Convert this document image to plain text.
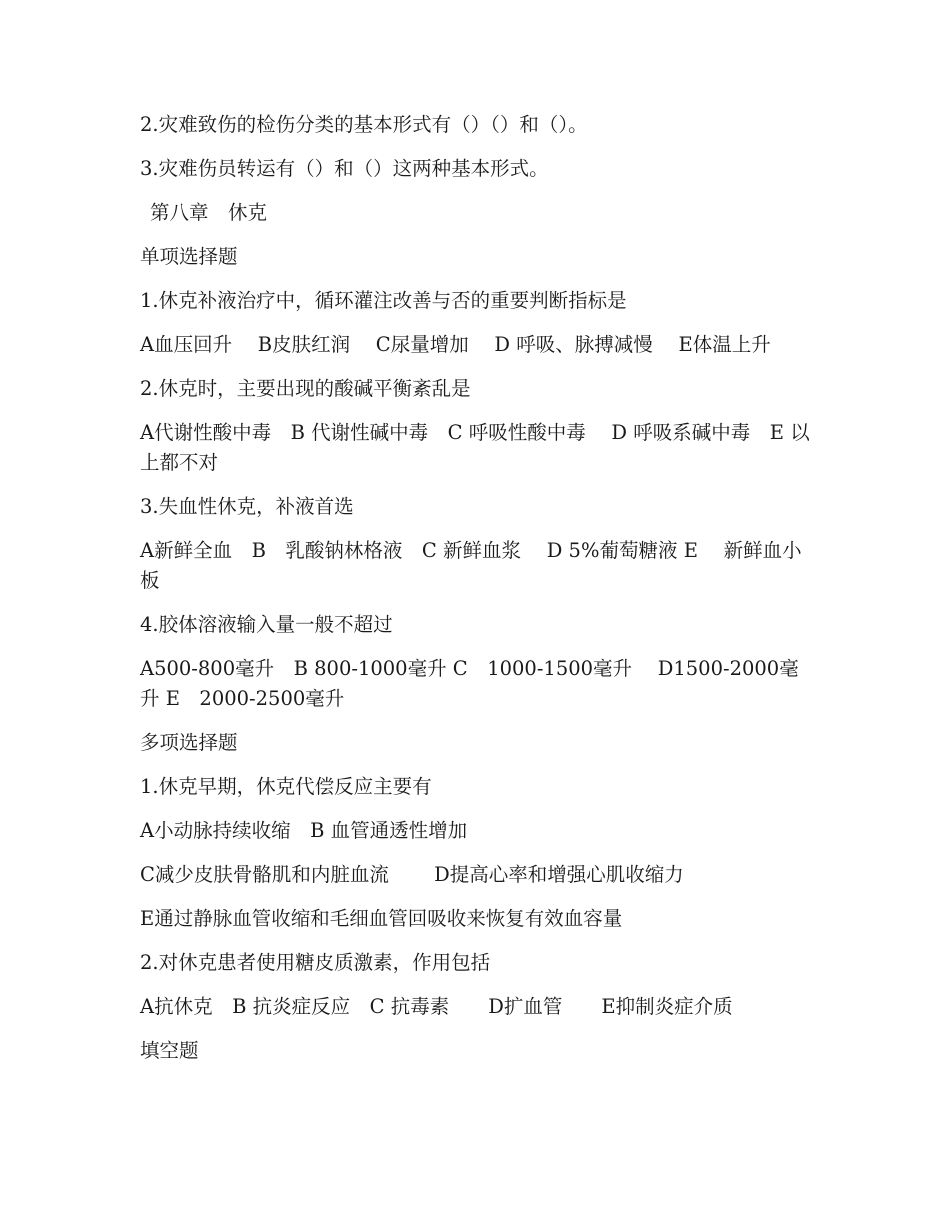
2.灾难致伤的检伤分类的基本形式有（）（）和（）。

3.灾难伤员转运有（）和（）这两种基本形式。

第八章　休克

单项选择题

1.休克补液治疗中，循环灌注改善与否的重要判断指标是

A血压回升　 B皮肤红润　 C尿量增加　 D 呼吸、脉搏减慢　 E体温上升

2.休克时，主要出现的酸碱平衡紊乱是

A代谢性酸中毒　B 代谢性碱中毒　C 呼吸性酸中毒　 D 呼吸系碱中毒　E 以上都不对

3.失血性休克，补液首选

A新鲜全血　B　乳酸钠林格液　C 新鲜血浆　 D 5%葡萄糖液 E　 新鲜血小板

4.胶体溶液输入量一般不超过

A500-800毫升　B 800-1000毫升 C　1000-1500毫升　 D1500-2000毫升 E　2000-2500毫升

多项选择题

1.休克早期，休克代偿反应主要有

A小动脉持续收缩　B 血管通透性增加

C减少皮肤骨骼肌和内脏血流　　 D提高心率和增强心肌收缩力

E通过静脉血管收缩和毛细血管回吸收来恢复有效血容量

2.对休克患者使用糖皮质激素，作用包括

A抗休克　B 抗炎症反应　C 抗毒素　　D扩血管　　E抑制炎症介质

填空题
